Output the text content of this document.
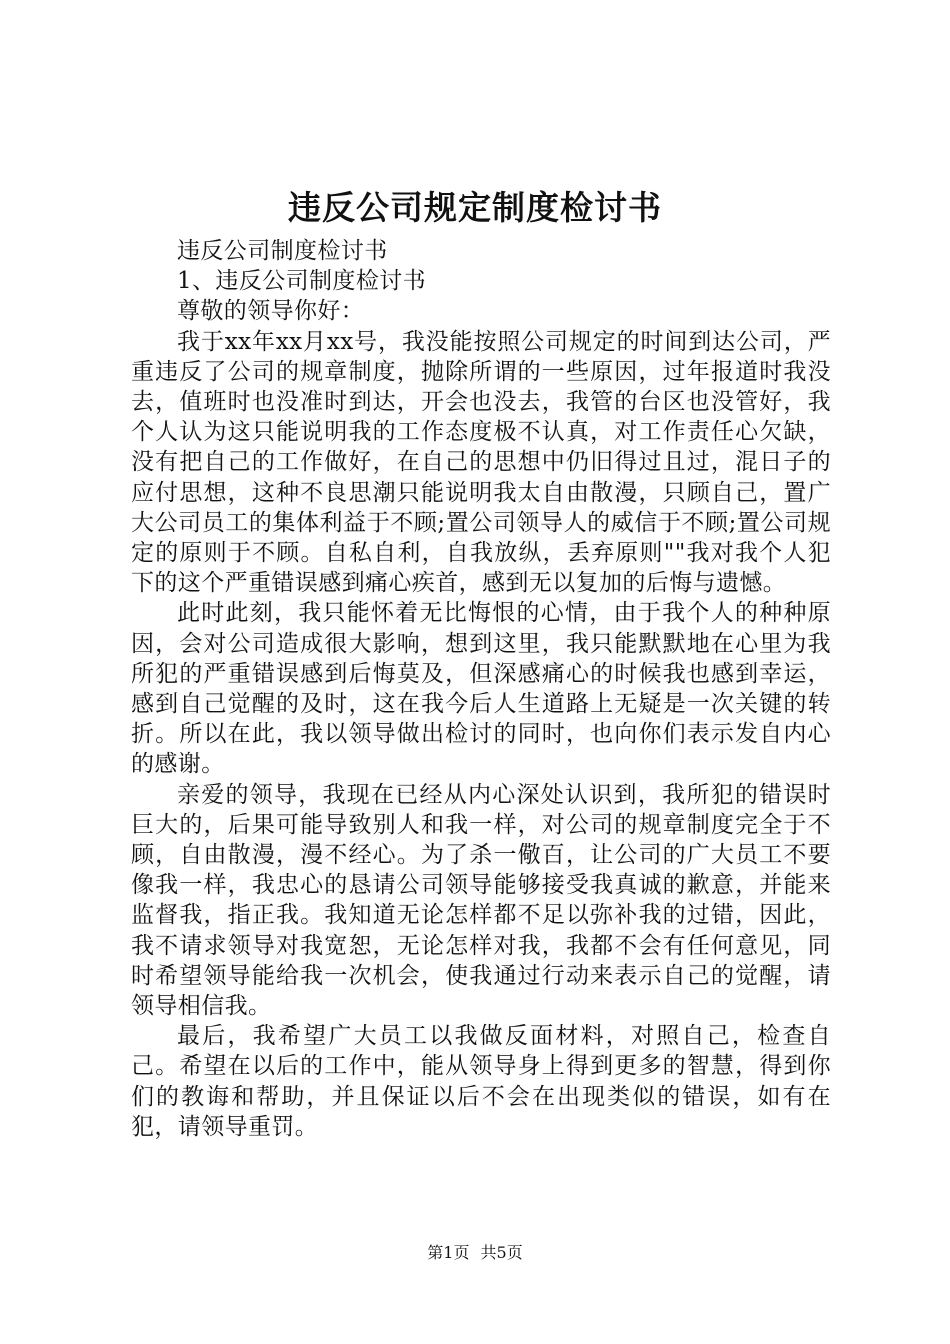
违反公司规定制度检讨书

违反公司制度检讨书

1、违反公司制度检讨书

尊敬的领导你好：

我于xx年xx月xx号，我没能按照公司规定的时间到达公司，严重违反了公司的规章制度，抛除所谓的一些原因，过年报道时我没去，值班时也没准时到达，开会也没去，我管的台区也没管好，我个人认为这只能说明我的工作态度极不认真，对工作责任心欠缺，没有把自己的工作做好，在自己的思想中仍旧得过且过，混日子的应付思想，这种不良思潮只能说明我太自由散漫，只顾自己，置广大公司员工的集体利益于不顾;置公司领导人的威信于不顾;置公司规定的原则于不顾。自私自利，自我放纵，丢弃原则""我对我个人犯下的这个严重错误感到痛心疾首，感到无以复加的后悔与遗憾。

此时此刻，我只能怀着无比悔恨的心情，由于我个人的种种原因，会对公司造成很大影响，想到这里，我只能默默地在心里为我所犯的严重错误感到后悔莫及，但深感痛心的时候我也感到幸运，感到自己觉醒的及时，这在我今后人生道路上无疑是一次关键的转折。所以在此，我以领导做出检讨的同时，也向你们表示发自内心的感谢。

亲爱的领导，我现在已经从内心深处认识到，我所犯的错误时巨大的，后果可能导致别人和我一样，对公司的规章制度完全于不顾，自由散漫，漫不经心。为了杀一儆百，让公司的广大员工不要像我一样，我忠心的恳请公司领导能够接受我真诚的歉意，并能来监督我，指正我。我知道无论怎样都不足以弥补我的过错，因此，我不请求领导对我宽恕，无论怎样对我，我都不会有任何意见，同时希望领导能给我一次机会，使我通过行动来表示自己的觉醒，请领导相信我。

最后，我希望广大员工以我做反面材料，对照自己，检查自己。希望在以后的工作中，能从领导身上得到更多的智慧，得到你们的教诲和帮助，并且保证以后不会在出现类似的错误，如有在犯，请领导重罚。

第1页 共5页
